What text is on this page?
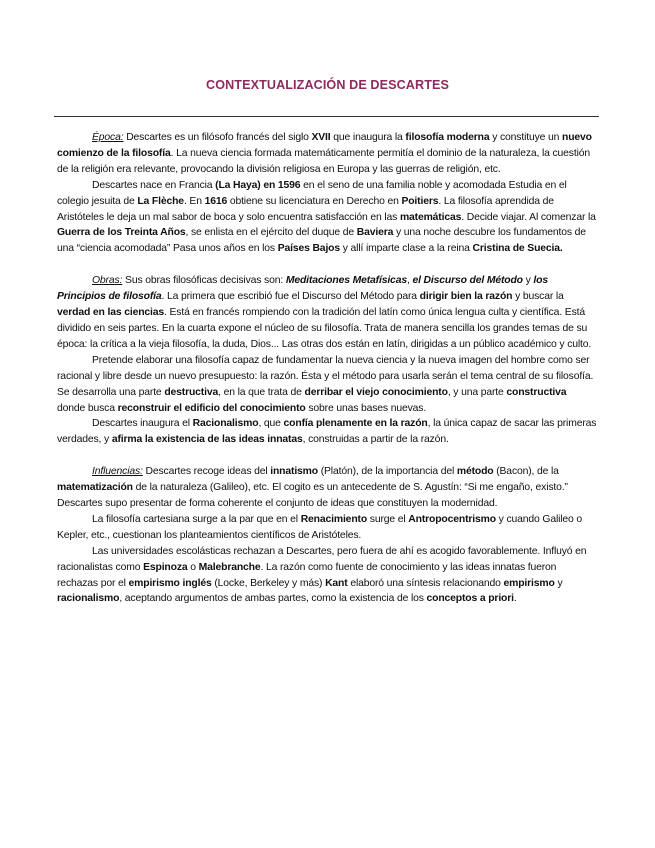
CONTEXTUALIZACIÓN DE DESCARTES

Época: Descartes es un filósofo francés del siglo XVII que inaugura la filosofía moderna y constituye un nuevo comienzo de la filosofía. La nueva ciencia formada matemáticamente permitía el dominio de la naturaleza, la cuestión de la religión era relevante, provocando la división religiosa en Europa y las guerras de religión, etc.

Descartes nace en Francia (La Haya) en 1596 en el seno de una familia noble y acomodada Estudia en el colegio jesuita de La Flèche. En 1616 obtiene su licenciatura en Derecho en Poitiers. La filosofía aprendida de Aristóteles le deja un mal sabor de boca y solo encuentra satisfacción en las matemáticas. Decide viajar. Al comenzar la Guerra de los Treinta Años, se enlista en el ejército del duque de Baviera y una noche descubre los fundamentos de una “ciencia acomodada” Pasa unos años en los Países Bajos y allí imparte clase a la reina Cristina de Suecia.

Obras: Sus obras filosóficas decisivas son: Meditaciones Metafísicas, el Discurso del Método y los Principios de filosofía. La primera que escribió fue el Discurso del Método para dirigir bien la razón y buscar la verdad en las ciencias. Está en francés rompiendo con la tradición del latín como única lengua culta y científica. Está dividido en seis partes. En la cuarta expone el núcleo de su filosofía. Trata de manera sencilla los grandes temas de su época: la crítica a la vieja filosofía, la duda, Dios... Las otras dos están en latín, dirigidas a un público académico y culto.

Pretende elaborar una filosofía capaz de fundamentar la nueva ciencia y la nueva imagen del hombre como ser racional y libre desde un nuevo presupuesto: la razón. Ésta y el método para usarla serán el tema central de su filosofía. Se desarrolla una parte destructiva, en la que trata de derribar el viejo conocimiento, y una parte constructiva donde busca reconstruir el edificio del conocimiento sobre unas bases nuevas.

Descartes inaugura el Racionalismo, que confía plenamente en la razón, la única capaz de sacar las primeras verdades, y afirma la existencia de las ideas innatas, construidas a partir de la razón.

Influencias: Descartes recoge ideas del innatismo (Platón), de la importancia del método (Bacon), de la matematización de la naturaleza (Galileo), etc. El cogito es un antecedente de S. Agustín: “Si me engaño, existo.” Descartes supo presentar de forma coherente el conjunto de ideas que constituyen la modernidad.

La filosofía cartesiana surge a la par que en el Renacimiento surge el Antropocentrismo y cuando Galileo o Kepler, etc., cuestionan los planteamientos científicos de Aristóteles.

Las universidades escolásticas rechazan a Descartes, pero fuera de ahí es acogido favorablemente. Influyó en racionalistas como Espinoza o Malebranche. La razón como fuente de conocimiento y las ideas innatas fueron rechazas por el empirismo inglés (Locke, Berkeley y más) Kant elaboró una síntesis relacionando empirismo y racionalismo, aceptando argumentos de ambas partes, como la existencia de los conceptos a priori.
